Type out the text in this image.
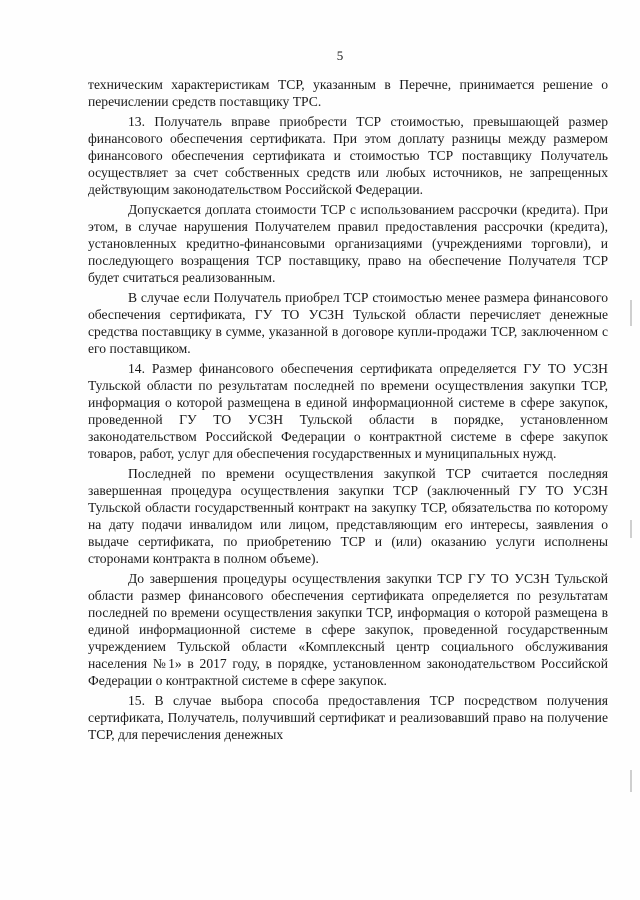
5

техническим характеристикам ТСР, указанным в Перечне, принимается решение о перечислении средств поставщику ТРС.

13. Получатель вправе приобрести ТСР стоимостью, превышающей размер финансового обеспечения сертификата. При этом доплату разницы между размером финансового обеспечения сертификата и стоимостью ТСР поставщику Получатель осуществляет за счет собственных средств или любых источников, не запрещенных действующим законодательством Российской Федерации.

Допускается доплата стоимости ТСР с использованием рассрочки (кредита). При этом, в случае нарушения Получателем правил предоставления рассрочки (кредита), установленных кредитно-финансовыми организациями (учреждениями торговли), и последующего возращения ТСР поставщику, право на обеспечение Получателя ТСР будет считаться реализованным.

В случае если Получатель приобрел ТСР стоимостью менее размера финансового обеспечения сертификата, ГУ ТО УСЗН Тульской области перечисляет денежные средства поставщику в сумме, указанной в договоре купли-продажи ТСР, заключенном с его поставщиком.

14. Размер финансового обеспечения сертификата определяется ГУ ТО УСЗН Тульской области по результатам последней по времени осуществления закупки ТСР, информация о которой размещена в единой информационной системе в сфере закупок, проведенной ГУ ТО УСЗН Тульской области в порядке, установленном законодательством Российской Федерации о контрактной системе в сфере закупок товаров, работ, услуг для обеспечения государственных и муниципальных нужд.

Последней по времени осуществления закупкой ТСР считается последняя завершенная процедура осуществления закупки ТСР (заключенный ГУ ТО УСЗН Тульской области государственный контракт на закупку ТСР, обязательства по которому на дату подачи инвалидом или лицом, представляющим его интересы, заявления о выдаче сертификата, по приобретению ТСР и (или) оказанию услуги исполнены сторонами контракта в полном объеме).

До завершения процедуры осуществления закупки ТСР ГУ ТО УСЗН Тульской области размер финансового обеспечения сертификата определяется по результатам последней по времени осуществления закупки ТСР, информация о которой размещена в единой информационной системе в сфере закупок, проведенной государственным учреждением Тульской области «Комплексный центр социального обслуживания населения №1» в 2017 году, в порядке, установленном законодательством Российской Федерации о контрактной системе в сфере закупок.

15. В случае выбора способа предоставления ТСР посредством получения сертификата, Получатель, получивший сертификат и реализовавший право на получение ТСР, для перечисления денежных
